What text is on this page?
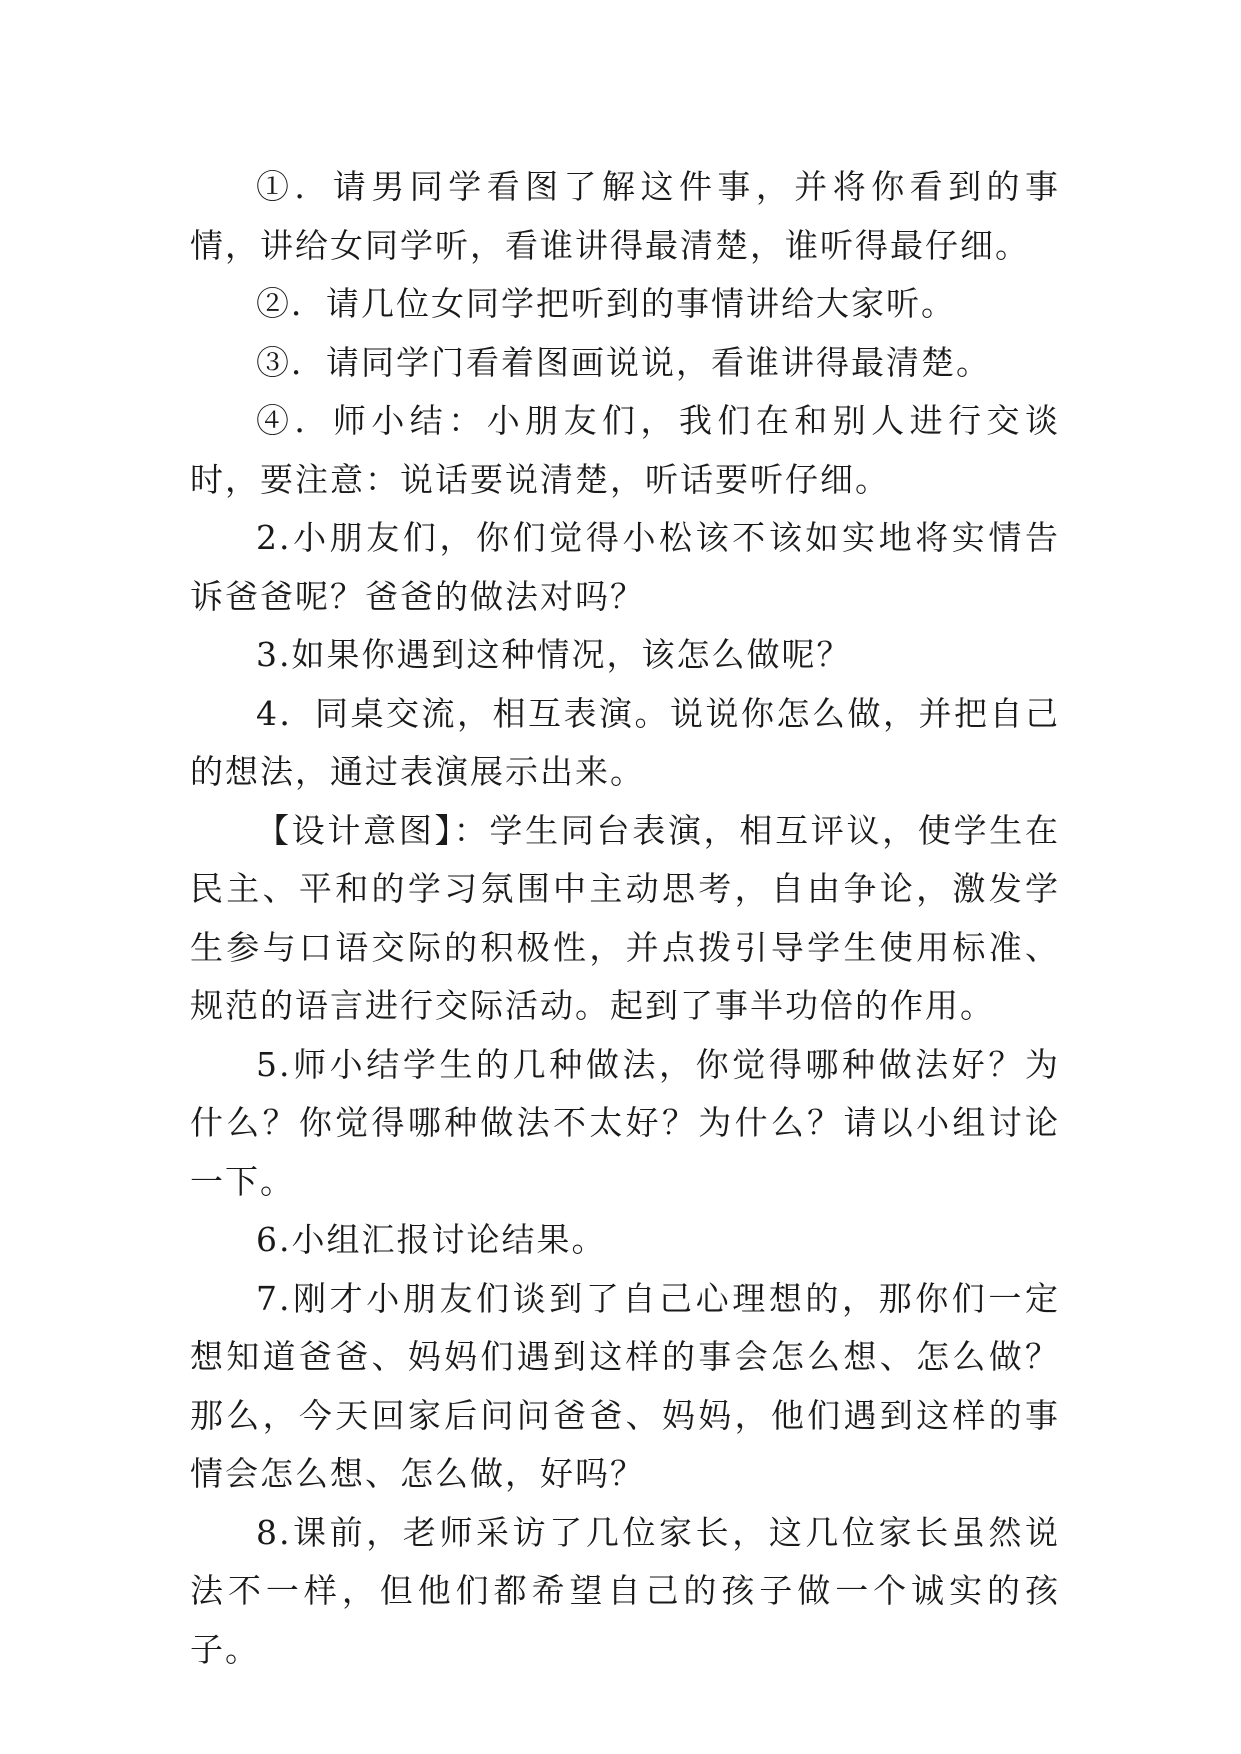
①．请男同学看图了解这件事，并将你看到的事情，讲给女同学听，看谁讲得最清楚，谁听得最仔细。

②．请几位女同学把听到的事情讲给大家听。

③．请同学门看着图画说说，看谁讲得最清楚。

④．师小结：小朋友们，我们在和别人进行交谈时，要注意：说话要说清楚，听话要听仔细。

2.小朋友们，你们觉得小松该不该如实地将实情告诉爸爸呢？爸爸的做法对吗？

3.如果你遇到这种情况，该怎么做呢？

4．同桌交流，相互表演。说说你怎么做，并把自己的想法，通过表演展示出来。

【设计意图】：学生同台表演，相互评议，使学生在民主、平和的学习氛围中主动思考，自由争论，激发学生参与口语交际的积极性，并点拨引导学生使用标准、规范的语言进行交际活动。起到了事半功倍的作用。

5.师小结学生的几种做法，你觉得哪种做法好？为什么？你觉得哪种做法不太好？为什么？请以小组讨论一下。

6.小组汇报讨论结果。

7.刚才小朋友们谈到了自己心理想的，那你们一定想知道爸爸、妈妈们遇到这样的事会怎么想、怎么做？那么，今天回家后问问爸爸、妈妈，他们遇到这样的事情会怎么想、怎么做，好吗？

8.课前，老师采访了几位家长，这几位家长虽然说法不一样，但他们都希望自己的孩子做一个诚实的孩子。
